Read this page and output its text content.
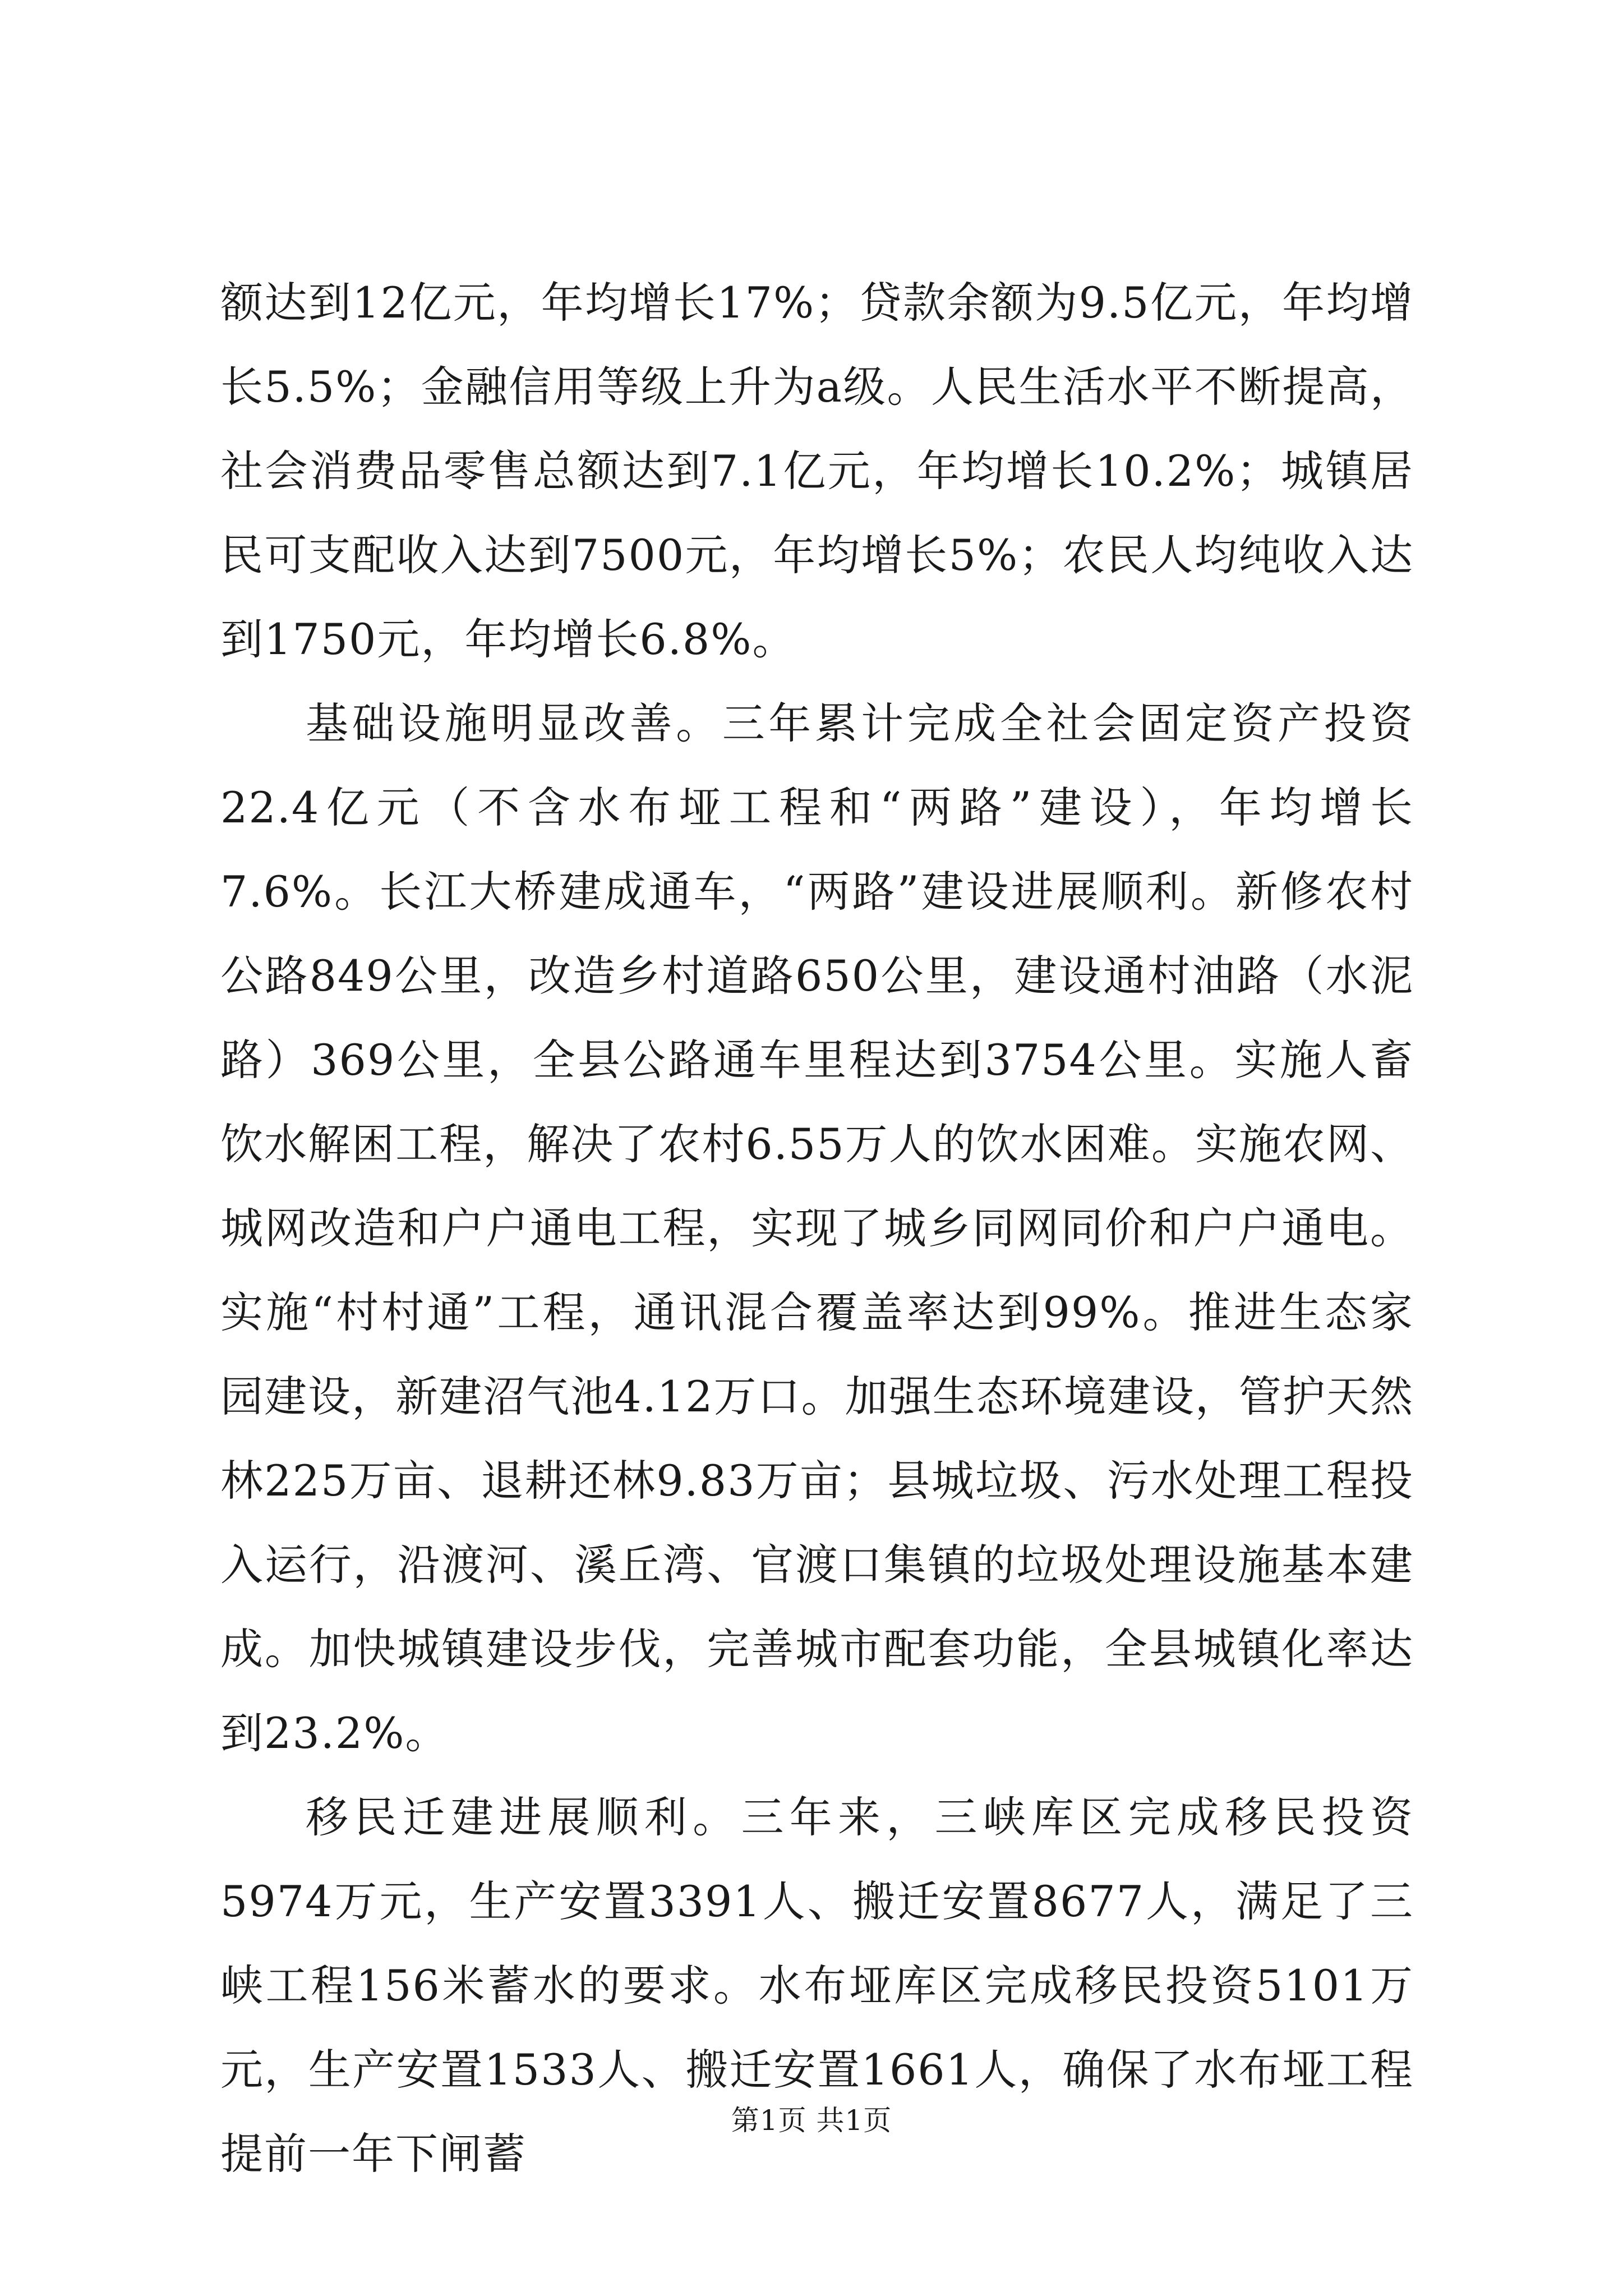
额达到12亿元，年均增长17%；贷款余额为9.5亿元，年均增长5.5%；金融信用等级上升为a级。人民生活水平不断提高，社会消费品零售总额达到7.1亿元，年均增长10.2%；城镇居民可支配收入达到7500元，年均增长5%；农民人均纯收入达到1750元，年均增长6.8%。

基础设施明显改善。三年累计完成全社会固定资产投资22.4亿元（不含水布垭工程和“两路”建设），年均增长7.6%。长江大桥建成通车，“两路”建设进展顺利。新修农村公路849公里，改造乡村道路650公里，建设通村油路（水泥路）369公里，全县公路通车里程达到3754公里。实施人畜饮水解困工程，解决了农村6.55万人的饮水困难。实施农网、城网改造和户户通电工程，实现了城乡同网同价和户户通电。实施“村村通”工程，通讯混合覆盖率达到99%。推进生态家园建设，新建沼气池4.12万口。加强生态环境建设，管护天然林225万亩、退耕还林9.83万亩；县城垃圾、污水处理工程投入运行，沿渡河、溪丘湾、官渡口集镇的垃圾处理设施基本建成。加快城镇建设步伐，完善城市配套功能，全县城镇化率达到23.2%。

移民迁建进展顺利。三年来，三峡库区完成移民投资5974万元，生产安置3391人、搬迁安置8677人，满足了三峡工程156米蓄水的要求。水布垭库区完成移民投资5101万元，生产安置1533人、搬迁安置1661人，确保了水布垭工程提前一年下闸蓄

第1页 共1页
